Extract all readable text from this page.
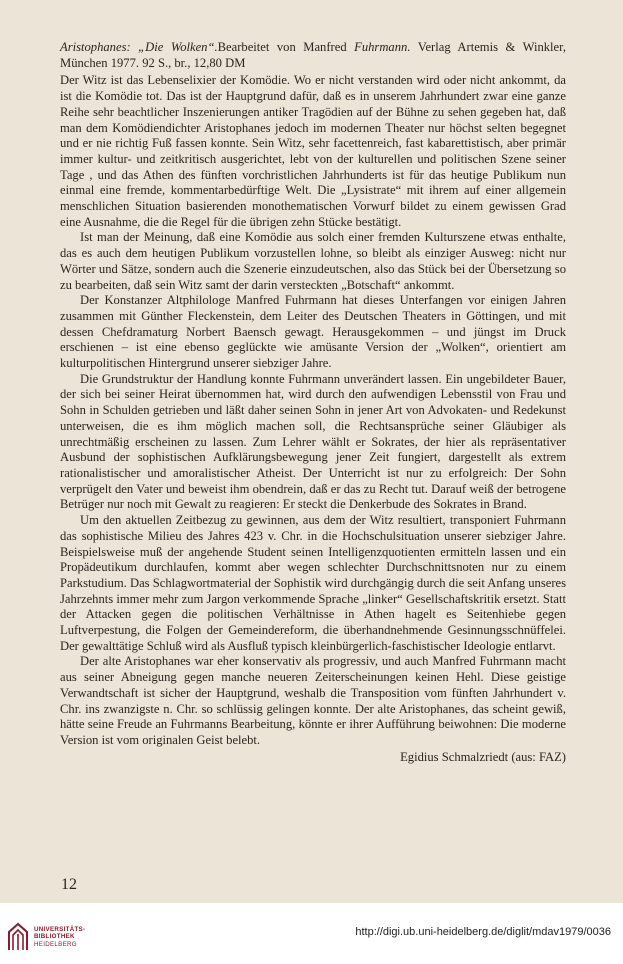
Aristophanes: „Die Wolken“.Bearbeitet von Manfred Fuhrmann. Verlag Artemis & Winkler, München 1977. 92 S., br., 12,80 DM

Der Witz ist das Lebenselixier der Komödie. Wo er nicht verstanden wird oder nicht ankommt, da ist die Komödie tot. Das ist der Hauptgrund dafür, daß es in unserem Jahrhundert zwar eine ganze Reihe sehr beachtlicher Inszenierungen antiker Tragödien auf der Bühne zu sehen gegeben hat, daß man dem Komödiendichter Aristophanes jedoch im modernen Theater nur höchst selten begegnet und er nie richtig Fuß fassen konnte. Sein Witz, sehr facettenreich, fast kabarettistisch, aber primär immer kultur- und zeitkritisch ausgerichtet, lebt von der kulturellen und politischen Szene seiner Tage , und das Athen des fünften vorchristlichen Jahrhunderts ist für das heutige Publikum nun einmal eine fremde, kommentarbedürftige Welt. Die „Lysistrate“ mit ihrem auf einer allgemein menschlichen Situation basierenden monothematischen Vorwurf bildet zu einem gewissen Grad eine Ausnahme, die die Regel für die übrigen zehn Stücke bestätigt.

Ist man der Meinung, daß eine Komödie aus solch einer fremden Kulturszene etwas enthalte, das es auch dem heutigen Publikum vorzustellen lohne, so bleibt als einziger Ausweg: nicht nur Wörter und Sätze, sondern auch die Szenerie einzudeutschen, also das Stück bei der Übersetzung so zu bearbeiten, daß sein Witz samt der darin versteckten „Botschaft“ ankommt.

Der Konstanzer Altphilologe Manfred Fuhrmann hat dieses Unterfangen vor einigen Jahren zusammen mit Günther Fleckenstein, dem Leiter des Deutschen Theaters in Göttingen, und mit dessen Chefdramaturg Norbert Baensch gewagt. Herausgekommen – und jüngst im Druck erschienen – ist eine ebenso geglückte wie amüsante Version der „Wolken“, orientiert am kulturpolitischen Hintergrund unserer siebziger Jahre.

Die Grundstruktur der Handlung konnte Fuhrmann unverändert lassen. Ein ungebildeter Bauer, der sich bei seiner Heirat übernommen hat, wird durch den aufwendigen Lebensstil von Frau und Sohn in Schulden getrieben und läßt daher seinen Sohn in jener Art von Advokaten- und Redekunst unterweisen, die es ihm möglich machen soll, die Rechtsansprüche seiner Gläubiger als unrechtmäßig erscheinen zu lassen. Zum Lehrer wählt er Sokrates, der hier als repräsentativer Ausbund der sophistischen Aufklärungsbewegung jener Zeit fungiert, dargestellt als extrem rationalistischer und amoralistischer Atheist. Der Unterricht ist nur zu erfolgreich: Der Sohn verprügelt den Vater und beweist ihm obendrein, daß er das zu Recht tut. Darauf weiß der betrogene Betrüger nur noch mit Gewalt zu reagieren: Er steckt die Denkerbude des Sokrates in Brand.

Um den aktuellen Zeitbezug zu gewinnen, aus dem der Witz resultiert, transponiert Fuhrmann das sophistische Milieu des Jahres 423 v. Chr. in die Hochschulsituation unserer siebziger Jahre. Beispielsweise muß der angehende Student seinen Intelligenzquotienten ermitteln lassen und ein Propädeutikum durchlaufen, kommt aber wegen schlechter Durchschnittsnoten nur zu einem Parkstudium. Das Schlagwortmaterial der Sophistik wird durchgängig durch die seit Anfang unseres Jahrzehnts immer mehr zum Jargon verkommende Sprache „linker“ Gesellschaftskritik ersetzt. Statt der Attacken gegen die politischen Verhältnisse in Athen hagelt es Seitenhiebe gegen Luftverpestung, die Folgen der Gemeindereform, die überhandnehmende Gesinnungsschnüffelei. Der gewalttätige Schluß wird als Ausfluß typisch kleinbürgerlich-faschistischer Ideologie entlarvt.

Der alte Aristophanes war eher konservativ als progressiv, und auch Manfred Fuhrmann macht aus seiner Abneigung gegen manche neueren Zeiterscheinungen keinen Hehl. Diese geistige Verwandtschaft ist sicher der Hauptgrund, weshalb die Transposition vom fünften Jahrhundert v. Chr. ins zwanzigste n. Chr. so schlüssig gelingen konnte. Der alte Aristophanes, das scheint gewiß, hätte seine Freude an Fuhrmanns Bearbeitung, könnte er ihrer Aufführung beiwohnen: Die moderne Version ist vom originalen Geist belebt.

Egidius Schmalzriedt (aus: FAZ)

12
UNIVERSITÄTS-
BIBLIOTHEK
HEIDELBERG
http://digi.ub.uni-heidelberg.de/diglit/mdav1979/0036
